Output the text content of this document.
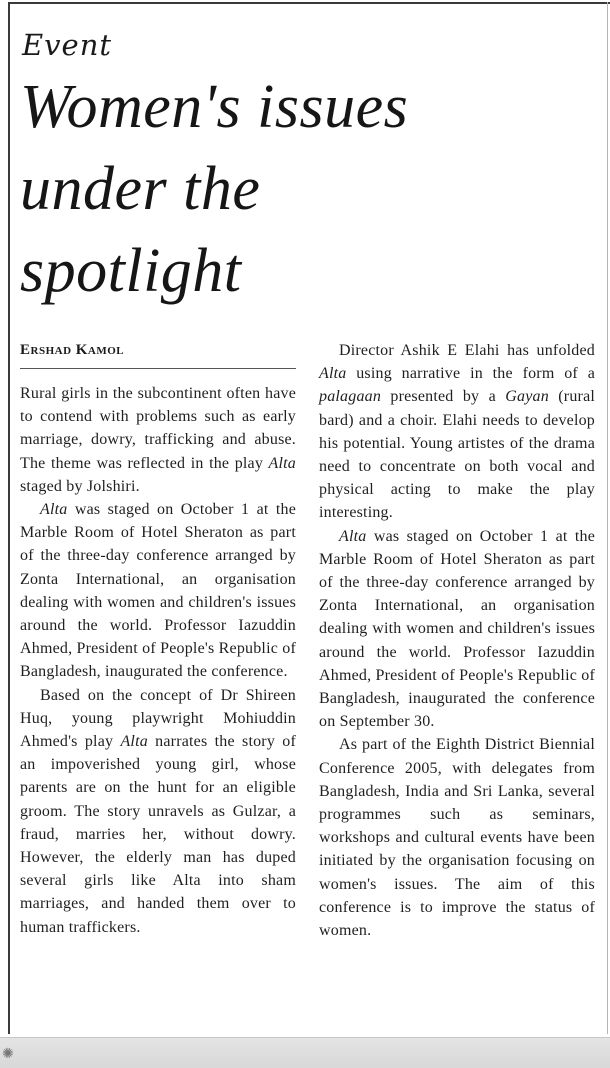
Event
Women's issues
under the
spotlight
Ershad Kamol

Rural girls in the subcontinent often have to contend with problems such as early marriage, dowry, trafficking and abuse. The theme was reflected in the play Alta staged by Jolshiri.

Alta was staged on October 1 at the Marble Room of Hotel Sheraton as part of the three-day conference arranged by Zonta International, an organisation dealing with women and children's issues around the world. Professor Iazuddin Ahmed, President of People's Republic of Bangladesh, inaugurated the conference.

Based on the concept of Dr Shireen Huq, young playwright Mohiuddin Ahmed's play Alta narrates the story of an impoverished young girl, whose parents are on the hunt for an eligible groom. The story unravels as Gulzar, a fraud, marries her, without dowry. However, the elderly man has duped several girls like Alta into sham marriages, and handed them over to human traffickers.

Director Ashik E Elahi has unfolded Alta using narrative in the form of a palagaan presented by a Gayan (rural bard) and a choir. Elahi needs to develop his potential. Young artistes of the drama need to concentrate on both vocal and physical acting to make the play interesting.

Alta was staged on October 1 at the Marble Room of Hotel Sheraton as part of the three-day conference arranged by Zonta International, an organisation dealing with women and children's issues around the world. Professor Iazuddin Ahmed, President of People's Republic of Bangladesh, inaugurated the conference on September 30.

As part of the Eighth District Biennial Conference 2005, with delegates from Bangladesh, India and Sri Lanka, several programmes such as seminars, workshops and cultural events have been initiated by the organisation focusing on women's issues. The aim of this conference is to improve the status of women.

✺
